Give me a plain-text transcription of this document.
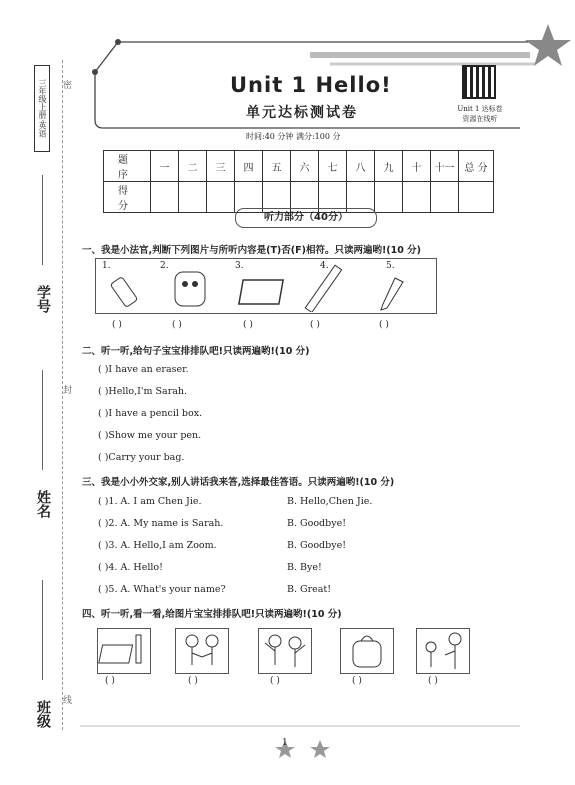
三年级上册·英语	密
封
线
学号
姓名
班级
Unit 1 Hello!
单元达标测试卷
时间:40 分钟 满分:100 分
Unit 1 达标卷
资源在线听
题 序	一	二	三	四	五	六	七	八	九	十	十一	总 分
得 分												
听力部分（40分）
一、我是小法官,判断下列图片与所听内容是(T)否(F)相符。只读两遍哟!(10 分)
1.	2.	3.	4.	5.
( )	( )	( )	( )	( )
二、听一听,给句子宝宝排排队吧!只读两遍哟!(10 分)
( )I have an eraser.
( )Hello,I'm Sarah.
( )I have a pencil box.
( )Show me your pen.
( )Carry your bag.
三、我是小小外交家,别人讲话我来答,选择最佳答语。只读两遍哟!(10 分)
( )1. A. I am Chen Jie.	B. Hello,Chen Jie.
( )2. A. My name is Sarah.	B. Goodbye!
( )3. A. Hello,I am Zoom.	B. Goodbye!
( )4. A. Hello!	B. Bye!
( )5. A. What's your name?	B. Great!
四、听一听,看一看,给图片宝宝排排队吧!只读两遍哟!(10 分)
( )	( )	( )	( )	( )
1
